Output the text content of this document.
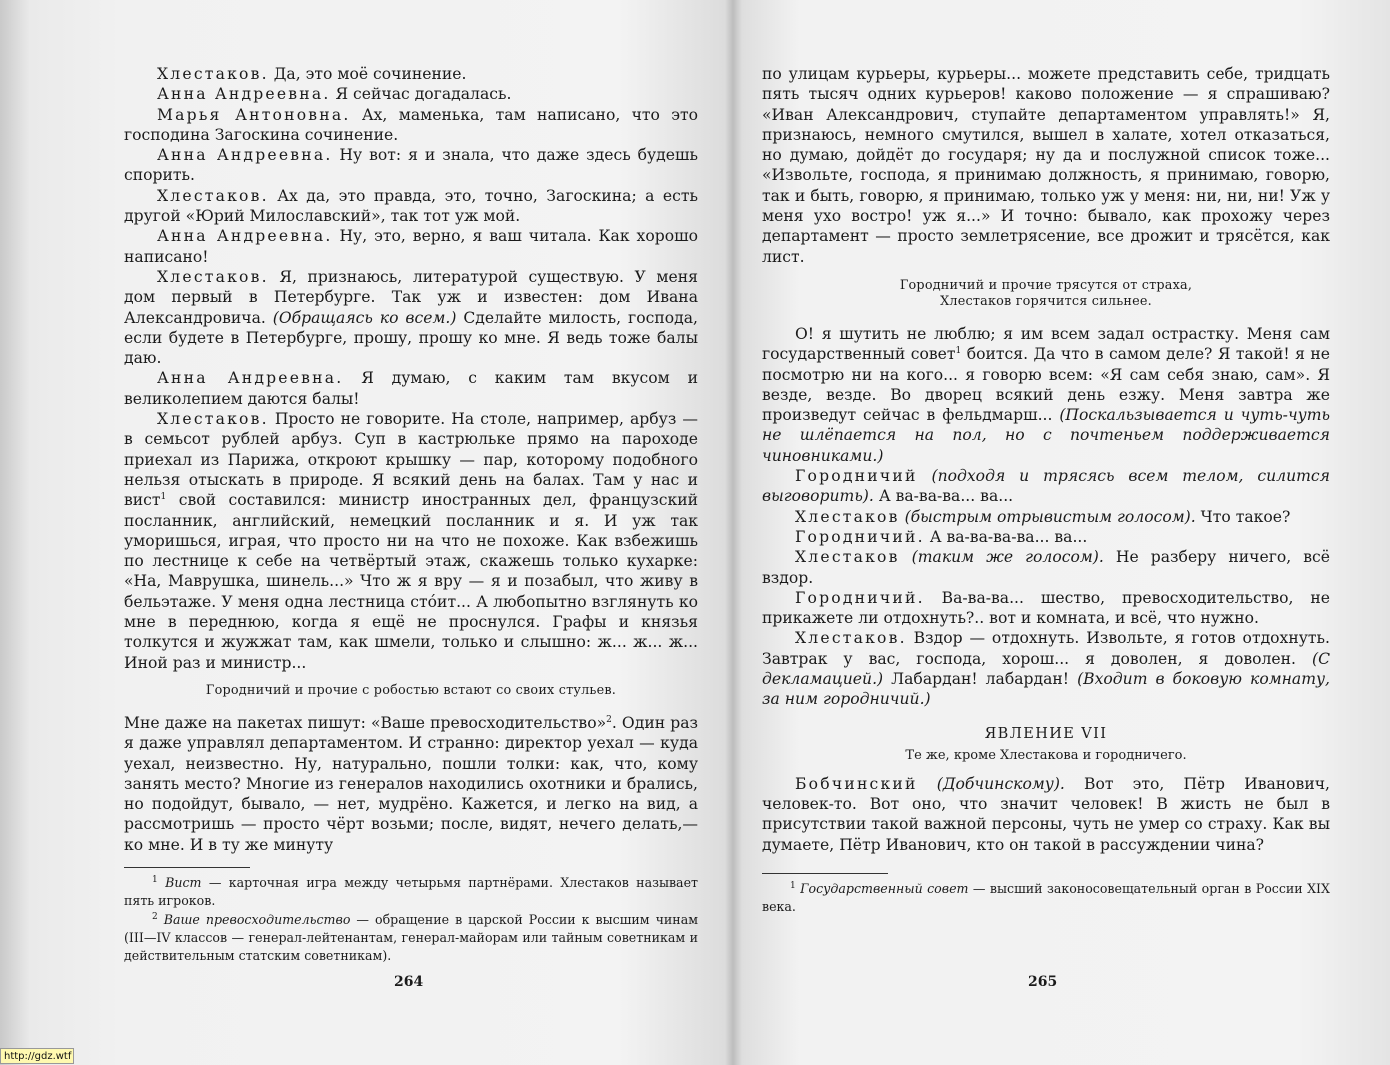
Хлестаков. Да, это моё сочинение.

Анна Андреевна. Я сейчас догадалась.

Марья Антоновна. Ах, маменька, там написано, что это господина Загоскина сочинение.

Анна Андреевна. Ну вот: я и знала, что даже здесь будешь спорить.

Хлестаков. Ах да, это правда, это, точно, Загоскина; а есть другой «Юрий Милославский», так тот уж мой.

Анна Андреевна. Ну, это, верно, я ваш читала. Как хорошо написано!

Хлестаков. Я, признаюсь, литературой существую. У меня дом первый в Петербурге. Так уж и известен: дом Ивана Александровича. (Обращаясь ко всем.) Сделайте милость, господа, если будете в Петербурге, прошу, прошу ко мне. Я ведь тоже балы даю.

Анна Андреевна. Я думаю, с каким там вкусом и великолепием даются балы!

Хлестаков. Просто не говорите. На столе, например, арбуз — в семьсот рублей арбуз. Суп в кастрюльке прямо на пароходе приехал из Парижа, откроют крышку — пар, которому подобного нельзя отыскать в природе. Я всякий день на балах. Там у нас и вист$^1$ свой составился: министр иностранных дел, французский посланник, английский, немецкий посланник и я. И уж так уморишься, играя, что просто ни на что не похоже. Как взбежишь по лестнице к себе на четвёртый этаж, скажешь только кухарке: «На, Маврушка, шинель...» Что ж я вру — я и позабыл, что живу в бельэтаже. У меня одна лестница стóит... А любопытно взглянуть ко мне в переднюю, когда я ещё не проснулся. Графы и князья толкутся и жужжат там, как шмели, только и слышно: ж... ж... ж... Иной раз и министр...

Городничий и прочие с робостью встают со своих стульев.

Мне даже на пакетах пишут: «Ваше превосходительство»$^2$. Один раз я даже управлял департаментом. И странно: директор уехал — куда уехал, неизвестно. Ну, натурально, пошли толки: как, что, кому занять место? Многие из генералов находились охотники и брались, но подойдут, бывало, — нет, мудрёно. Кажется, и легко на вид, а рассмотришь — просто чёрт возьми; после, видят, нечего делать,— ко мне. И в ту же минуту

$^1$ Вист — карточная игра между четырьмя партнёрами. Хлестаков называет пять игроков.

$^2$ Ваше превосходительство — обращение в царской России к высшим чинам (III—IV классов — генерал-лейтенантам, генерал-майорам или тайным советникам и действительным статским советникам).

264

по улицам курьеры, курьеры... можете представить себе, тридцать пять тысяч одних курьеров! каково положение — я спрашиваю? «Иван Александрович, ступайте департаментом управлять!» Я, признаюсь, немного смутился, вышел в халате, хотел отказаться, но думаю, дойдёт до государя; ну да и послужной список тоже... «Извольте, господа, я принимаю должность, я принимаю, говорю, так и быть, говорю, я принимаю, только уж у меня: ни, ни, ни! Уж у меня ухо востро! уж я...» И точно: бывало, как прохожу через департамент — просто землетрясение, все дрожит и трясётся, как лист.

Городничий и прочие трясутся от страха,
Хлестаков горячится сильнее.

О! я шутить не люблю; я им всем задал острастку. Меня сам государственный совет$^1$ боится. Да что в самом деле? Я такой! я не посмотрю ни на кого... я говорю всем: «Я сам себя знаю, сам». Я везде, везде. Во дворец всякий день езжу. Меня завтра же произведут сейчас в фельдмарш... (Поскальзывается и чуть-чуть не шлёпается на пол, но с почтеньем поддерживается чиновниками.)

Городничий (подходя и трясясь всем телом, силится выговорить). А ва-ва-ва... ва...

Хлестаков (быстрым отрывистым голосом). Что такое?

Городничий. А ва-ва-ва-ва... ва...

Хлестаков (таким же голосом). Не разберу ничего, всё вздор.

Городничий. Ва-ва-ва... шество, превосходительство, не прикажете ли отдохнуть?.. вот и комната, и всё, что нужно.

Хлестаков. Вздор — отдохнуть. Извольте, я готов отдохнуть. Завтрак у вас, господа, хорош... я доволен, я доволен. (С декламацией.) Лабардан! лабардан! (Входит в боковую комнату, за ним городничий.)

ЯВЛЕНИЕ VII
Те же, кроме Хлестакова и городничего.

Бобчинский (Добчинскому). Вот это, Пётр Иванович, человек-то. Вот оно, что значит человек! В жисть не был в присутствии такой важной персоны, чуть не умер со страху. Как вы думаете, Пётр Иванович, кто он такой в рассуждении чина?

$^1$ Государственный совет — высший законосовещательный орган в России XIX века.

265
http://gdz.wtf
